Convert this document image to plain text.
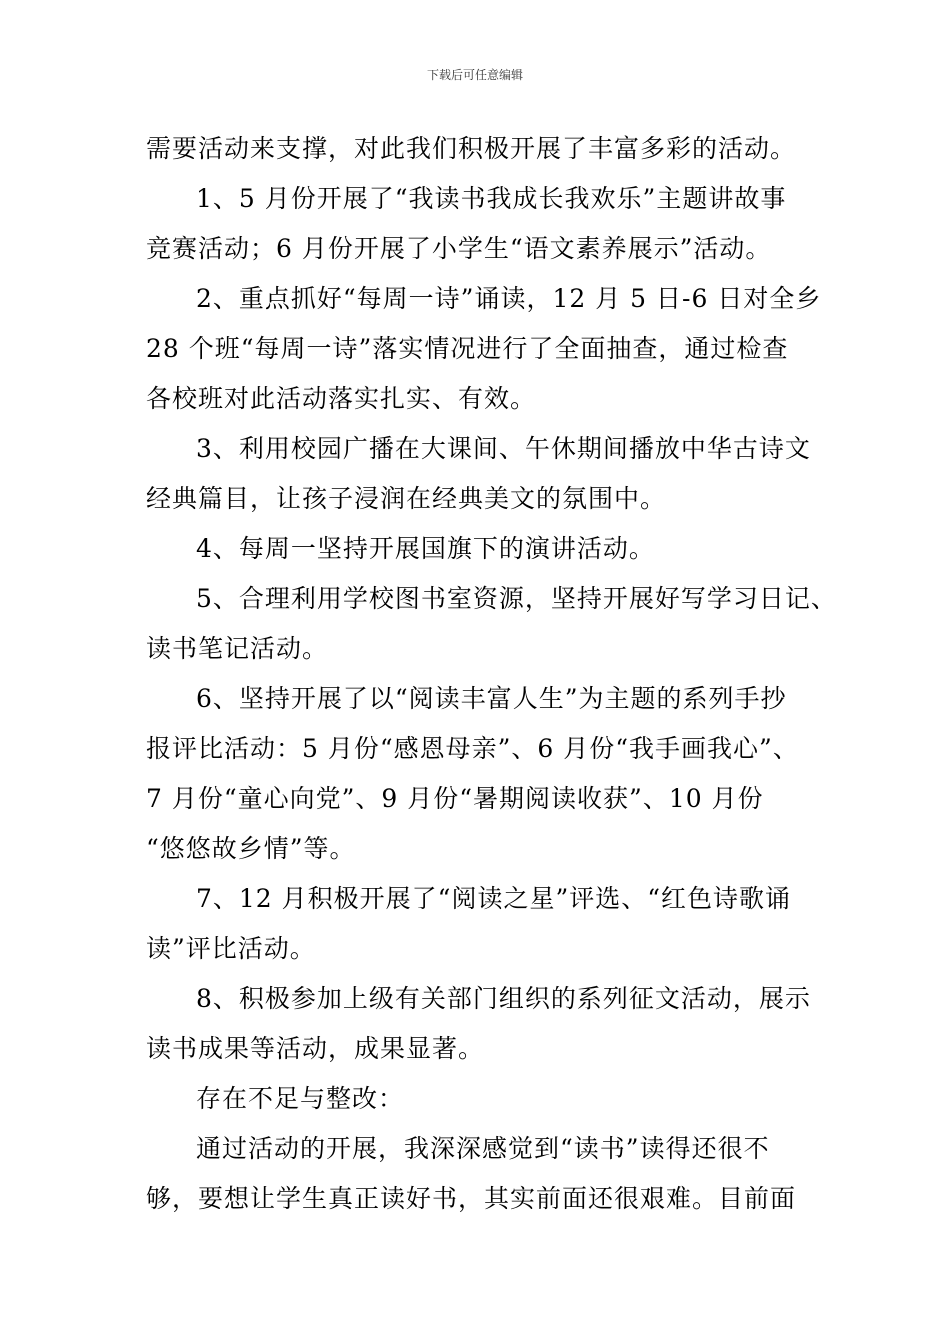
下载后可任意编辑
需要活动来支撑，对此我们积极开展了丰富多彩的活动。
1、5 月份开展了“我读书我成长我欢乐”主题讲故事
竞赛活动；6 月份开展了小学生“语文素养展示”活动。
2、重点抓好“每周一诗”诵读，12 月 5 日-6 日对全乡
28 个班“每周一诗”落实情况进行了全面抽查，通过检查
各校班对此活动落实扎实、有效。
3、利用校园广播在大课间、午休期间播放中华古诗文
经典篇目，让孩子浸润在经典美文的氛围中。
4、每周一坚持开展国旗下的演讲活动。
5、合理利用学校图书室资源，坚持开展好写学习日记、
读书笔记活动。
6、坚持开展了以“阅读丰富人生”为主题的系列手抄
报评比活动：5 月份“感恩母亲”、6 月份“我手画我心”、
7 月份“童心向党”、9 月份“暑期阅读收获”、10 月份
“悠悠故乡情”等。
7、12 月积极开展了“阅读之星”评选、“红色诗歌诵
读”评比活动。
8、积极参加上级有关部门组织的系列征文活动，展示
读书成果等活动，成果显著。
存在不足与整改：
通过活动的开展，我深深感觉到“读书”读得还很不
够，要想让学生真正读好书，其实前面还很艰难。目前面
